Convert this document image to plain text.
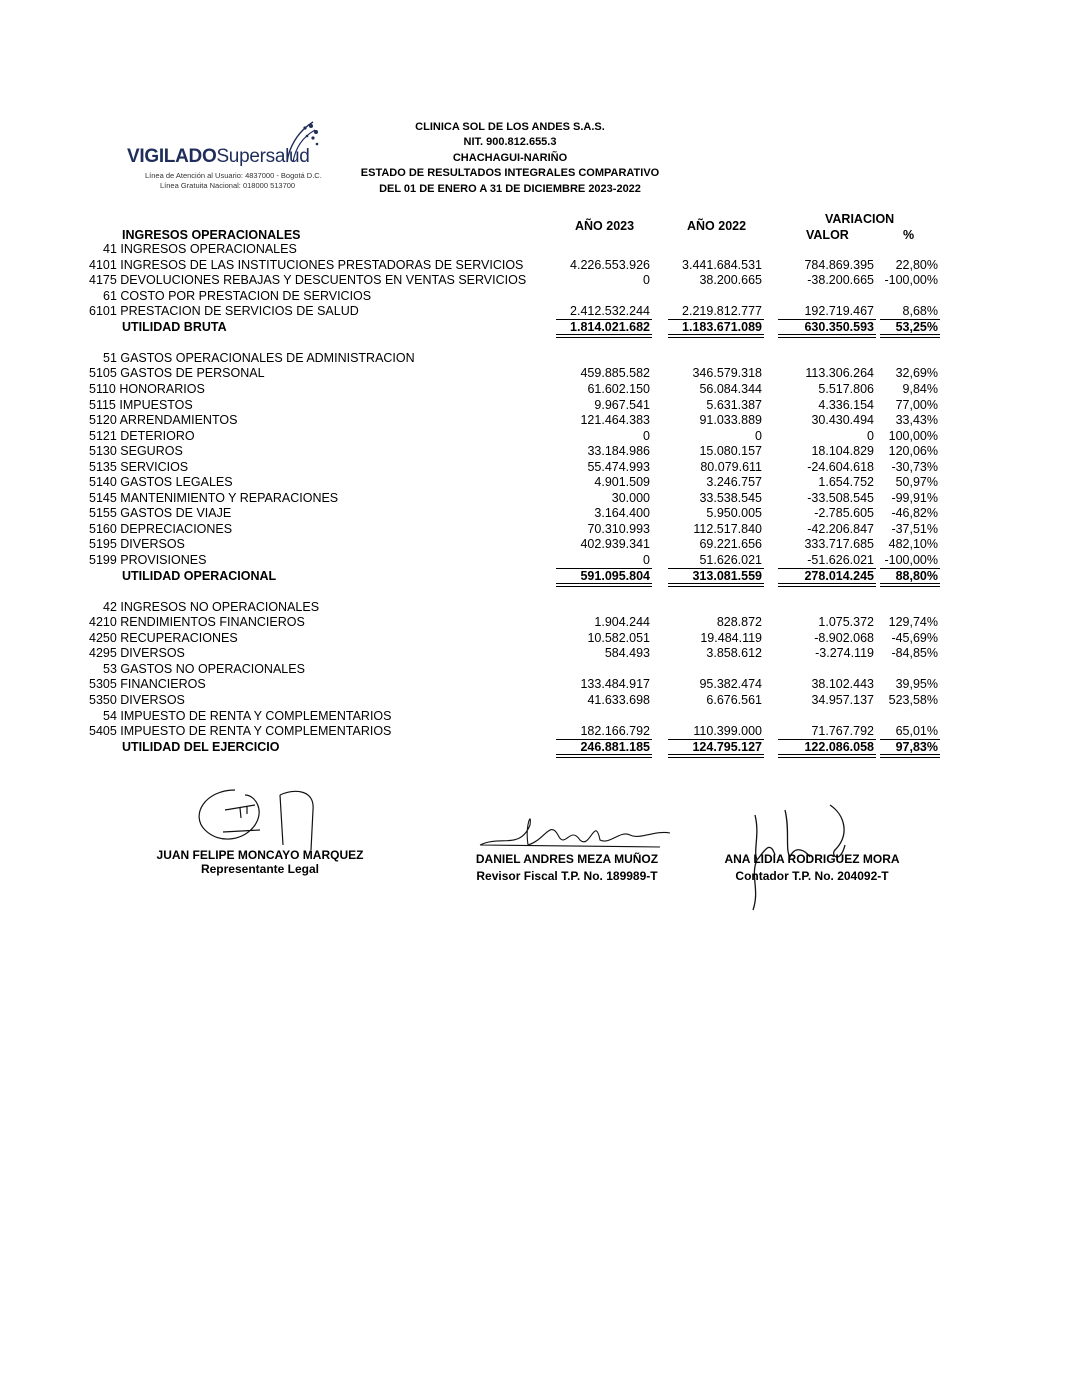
VIGILADOSupersalud
Línea de Atención al Usuario: 4837000 - Bogotá D.C.
Línea Gratuita Nacional: 018000 513700
CLINICA SOL DE LOS ANDES S.A.S.
NIT. 900.812.655.3
CHACHAGUI-NARIÑO
ESTADO DE RESULTADOS INTEGRALES COMPARATIVO
DEL 01 DE ENERO A 31 DE DICIEMBRE 2023-2022
INGRESOS OPERACIONALES
AÑO 2023	AÑO 2022	VARIACION
VALOR	%
41 INGRESOS OPERACIONALES
4101 INGRESOS DE LAS INSTITUCIONES PRESTADORAS DE SERVICIOS	4.226.553.926	3.441.684.531	784.869.395 22,80%
4175 DEVOLUCIONES REBAJAS Y DESCUENTOS EN VENTAS SERVICIOS	0	38.200.665	-38.200.665 -100,00%
61 COSTO POR PRESTACION DE SERVICIOS
6101 PRESTACION DE SERVICIOS DE SALUD	2.412.532.244	2.219.812.777	192.719.467 8,68%
UTILIDAD BRUTA	1.814.021.682	1.183.671.089	630.350.593 53,25%
51 GASTOS OPERACIONALES DE ADMINISTRACION
5105 GASTOS DE PERSONAL	459.885.582	346.579.318	113.306.264 32,69%
5110 HONORARIOS	61.602.150	56.084.344	5.517.806 9,84%
5115 IMPUESTOS	9.967.541	5.631.387	4.336.154 77,00%
5120 ARRENDAMIENTOS	121.464.383	91.033.889	30.430.494 33,43%
5121 DETERIORO	0	0	0 100,00%
5130 SEGUROS	33.184.986	15.080.157	18.104.829 120,06%
5135 SERVICIOS	55.474.993	80.079.611	-24.604.618 -30,73%
5140 GASTOS LEGALES	4.901.509	3.246.757	1.654.752 50,97%
5145 MANTENIMIENTO Y REPARACIONES	30.000	33.538.545	-33.508.545 -99,91%
5155 GASTOS DE VIAJE	3.164.400	5.950.005	-2.785.605 -46,82%
5160 DEPRECIACIONES	70.310.993	112.517.840	-42.206.847 -37,51%
5195 DIVERSOS	402.939.341	69.221.656	333.717.685 482,10%
5199 PROVISIONES	0	51.626.021	-51.626.021 -100,00%
UTILIDAD OPERACIONAL	591.095.804	313.081.559	278.014.245 88,80%
42 INGRESOS NO OPERACIONALES
4210 RENDIMIENTOS FINANCIEROS	1.904.244	828.872	1.075.372 129,74%
4250 RECUPERACIONES	10.582.051	19.484.119	-8.902.068 -45,69%
4295 DIVERSOS	584.493	3.858.612	-3.274.119 -84,85%
53 GASTOS NO OPERACIONALES
5305 FINANCIEROS	133.484.917	95.382.474	38.102.443 39,95%
5350 DIVERSOS	41.633.698	6.676.561	34.957.137 523,58%
54 IMPUESTO DE RENTA Y COMPLEMENTARIOS
5405 IMPUESTO DE RENTA Y COMPLEMENTARIOS	182.166.792	110.399.000	71.767.792 65,01%
UTILIDAD DEL EJERCICIO	246.881.185	124.795.127	122.086.058 97,83%
JUAN FELIPE MONCAYO MARQUEZ
Representante Legal
DANIEL ANDRES MEZA MUÑOZ
Revisor Fiscal T.P. No. 189989-T
ANA LIDIA RODRIGUEZ MORA
Contador T.P. No. 204092-T
